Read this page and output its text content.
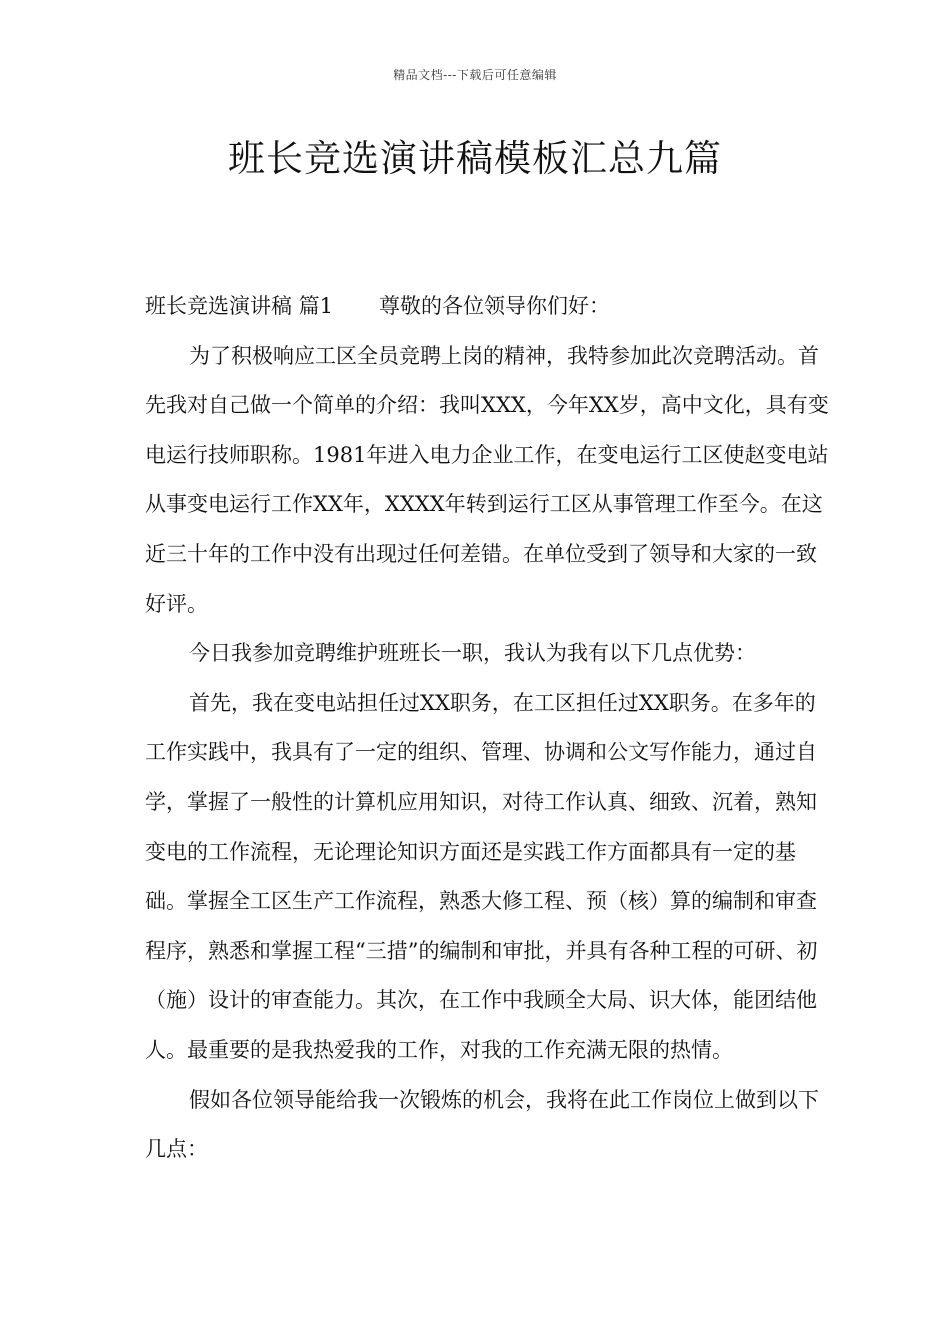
精品文档---下载后可任意编辑
班长竞选演讲稿模板汇总九篇

班长竞选演讲稿 篇1 尊敬的各位领导你们好：

为了积极响应工区全员竞聘上岗的精神，我特参加此次竞聘活动。首先我对自己做一个简单的介绍：我叫XXX，今年XX岁，高中文化，具有变电运行技师职称。1981年进入电力企业工作，在变电运行工区使赵变电站从事变电运行工作XX年，XXXX年转到运行工区从事管理工作至今。在这近三十年的工作中没有出现过任何差错。在单位受到了领导和大家的一致好评。

今日我参加竞聘维护班班长一职，我认为我有以下几点优势：

首先，我在变电站担任过XX职务，在工区担任过XX职务。在多年的工作实践中，我具有了一定的组织、管理、协调和公文写作能力，通过自学，掌握了一般性的计算机应用知识，对待工作认真、细致、沉着，熟知变电的工作流程，无论理论知识方面还是实践工作方面都具有一定的基础。掌握全工区生产工作流程，熟悉大修工程、预（核）算的编制和审查程序，熟悉和掌握工程“三措”的编制和审批，并具有各种工程的可研、初（施）设计的审查能力。其次，在工作中我顾全大局、识大体，能团结他人。最重要的是我热爱我的工作，对我的工作充满无限的热情。

假如各位领导能给我一次锻炼的机会，我将在此工作岗位上做到以下几点：
